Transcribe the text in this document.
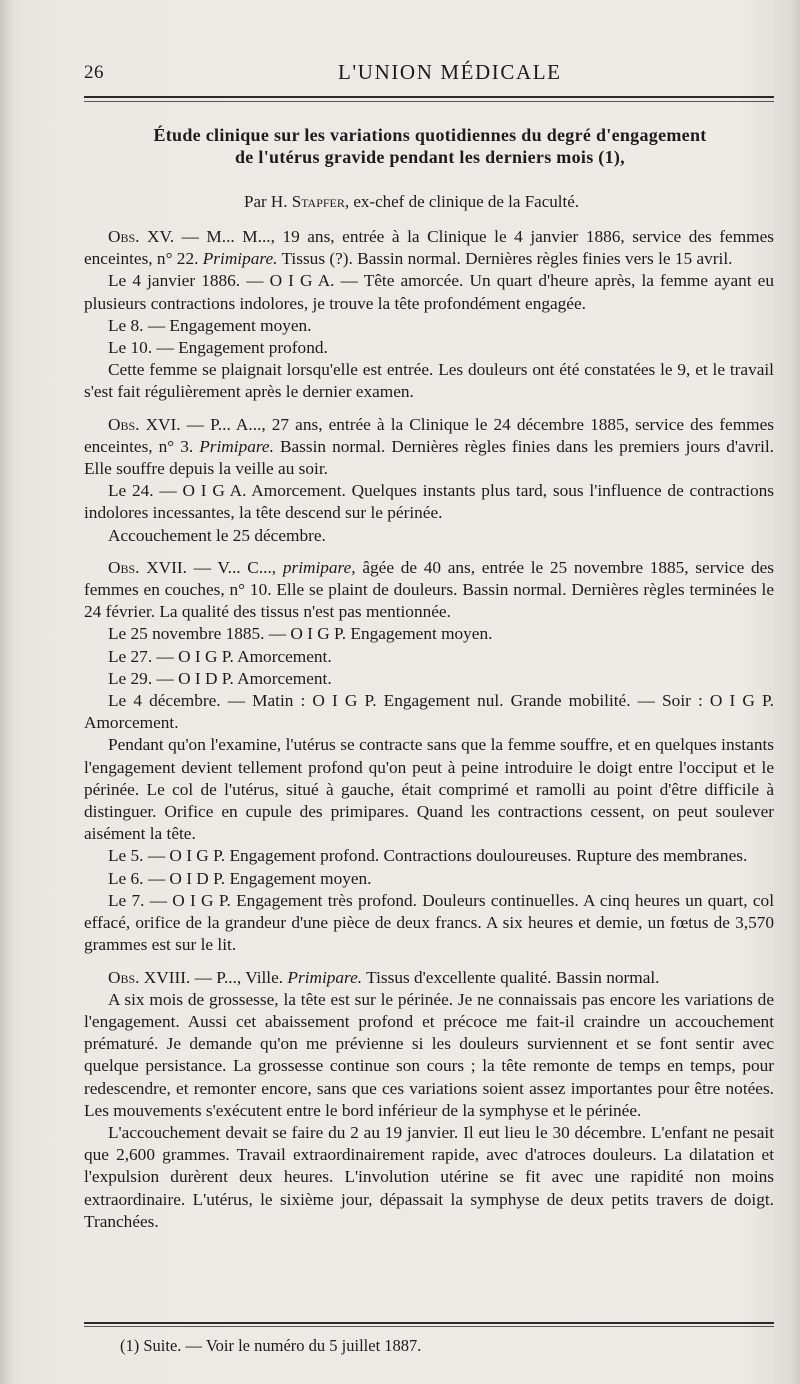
26	L'UNION MÉDICALE

Étude clinique sur les variations quotidiennes du degré d'engagement
de l'utérus gravide pendant les derniers mois (1),

Par H. Stapfer, ex-chef de clinique de la Faculté.

Obs. XV. — M... M..., 19 ans, entrée à la Clinique le 4 janvier 1886, service des femmes enceintes, n° 22. Primipare. Tissus (?). Bassin normal. Dernières règles finies vers le 15 avril.

Le 4 janvier 1886. — O I G A. — Tête amorcée. Un quart d'heure après, la femme ayant eu plusieurs contractions indolores, je trouve la tête profondément engagée.

Le 8. — Engagement moyen.

Le 10. — Engagement profond.

Cette femme se plaignait lorsqu'elle est entrée. Les douleurs ont été constatées le 9, et le travail s'est fait régulièrement après le dernier examen.

Obs. XVI. — P... A..., 27 ans, entrée à la Clinique le 24 décembre 1885, service des femmes enceintes, n° 3. Primipare. Bassin normal. Dernières règles finies dans les premiers jours d'avril. Elle souffre depuis la veille au soir.

Le 24. — O I G A. Amorcement. Quelques instants plus tard, sous l'influence de contractions indolores incessantes, la tête descend sur le périnée.

Accouchement le 25 décembre.

Obs. XVII. — V... C..., primipare, âgée de 40 ans, entrée le 25 novembre 1885, service des femmes en couches, n° 10. Elle se plaint de douleurs. Bassin normal. Dernières règles terminées le 24 février. La qualité des tissus n'est pas mentionnée.

Le 25 novembre 1885. — O I G P. Engagement moyen.

Le 27. — O I G P. Amorcement.

Le 29. — O I D P. Amorcement.

Le 4 décembre. — Matin : O I G P. Engagement nul. Grande mobilité. — Soir : O I G P. Amorcement.

Pendant qu'on l'examine, l'utérus se contracte sans que la femme souffre, et en quelques instants l'engagement devient tellement profond qu'on peut à peine introduire le doigt entre l'occiput et le périnée. Le col de l'utérus, situé à gauche, était comprimé et ramolli au point d'être difficile à distinguer. Orifice en cupule des primipares. Quand les contractions cessent, on peut soulever aisément la tête.

Le 5. — O I G P. Engagement profond. Contractions douloureuses. Rupture des membranes.

Le 6. — O I D P. Engagement moyen.

Le 7. — O I G P. Engagement très profond. Douleurs continuelles. A cinq heures un quart, col effacé, orifice de la grandeur d'une pièce de deux francs. A six heures et demie, un fœtus de 3,570 grammes est sur le lit.

Obs. XVIII. — P..., Ville. Primipare. Tissus d'excellente qualité. Bassin normal.

A six mois de grossesse, la tête est sur le périnée. Je ne connaissais pas encore les variations de l'engagement. Aussi cet abaissement profond et précoce me fait-il craindre un accouchement prématuré. Je demande qu'on me prévienne si les douleurs surviennent et se font sentir avec quelque persistance. La grossesse continue son cours ; la tête remonte de temps en temps, pour redescendre, et remonter encore, sans que ces variations soient assez importantes pour être notées. Les mouvements s'exécutent entre le bord inférieur de la symphyse et le périnée.

L'accouchement devait se faire du 2 au 19 janvier. Il eut lieu le 30 décembre. L'enfant ne pesait que 2,600 grammes. Travail extraordinairement rapide, avec d'atroces douleurs. La dilatation et l'expulsion durèrent deux heures. L'involution utérine se fit avec une rapidité non moins extraordinaire. L'utérus, le sixième jour, dépassait la symphyse de deux petits travers de doigt. Tranchées.

(1) Suite. — Voir le numéro du 5 juillet 1887.
